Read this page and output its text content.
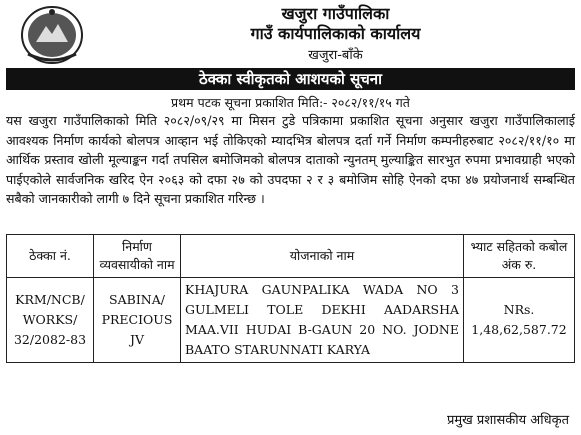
खजुरा गाउँपालिका
गाउँ कार्यपालिकाको कार्यालय
खजुरा-बाँके
ठेक्का स्वीकृतको आशयको सूचना
प्रथम पटक सूचना प्रकाशित मिति:- २०८२/११/१५ गते
यस खजुरा गाउँपालिकाको मिति २०८२/०९/२९ मा मिसन टुडे पत्रिकामा प्रकाशित सूचना अनुसार खजुरा गाउँपालिकालाई आवश्यक निर्माण कार्यको बोलपत्र आव्हान भई तोकिएको म्यादभित्र बोलपत्र दर्ता गर्ने निर्माण कम्पनीहरुबाट २०८२/११/१० मा आर्थिक प्रस्ताव खोली मूल्याङ्कन गर्दा तपसिल बमोजिमको बोलपत्र दाताको न्युनतम् मुल्याङ्कित सारभुत रुपमा प्रभावग्राही भएको पाईएकोले सार्वजनिक खरिद ऐन २०६३ को दफा २७ को उपदफा २ र ३ बमोजिम सोहि ऐनको दफा ४७ प्रयोजनार्थ सम्बन्धित सबैको जानकारीको लागी ७ दिने सूचना प्रकाशित गरिन्छ ।
ठेक्का नं.	निर्माण व्यवसायीको नाम	योजनाको नाम	भ्याट सहितको कबोल अंक रु.
KRM/NCB/ WORKS/ 32/2082-83	SABINA/ PRECIOUS JV	KHAJURA GAUNPALIKA WADA NO 3 GULMELI TOLE DEKHI AADARSHA MAA.VII HUDAI B-GAUN 20 NO. JODNE BAATO STARUNNATI KARYA	NRs.
1,48,62,587.72
प्रमुख प्रशासकीय अधिकृत
